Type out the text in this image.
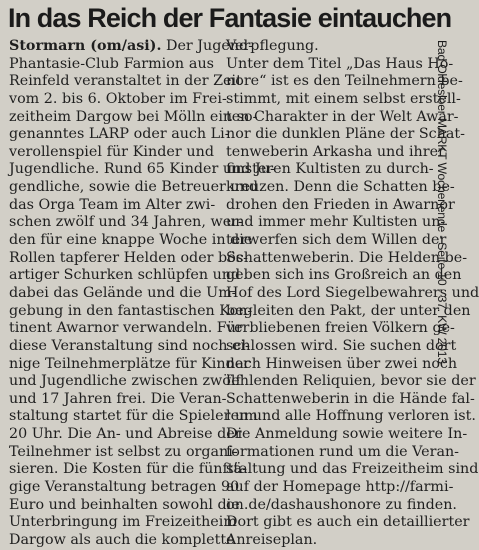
In das Reich der Fantasie eintauchen
Stormarn (om/asi). Der Jugend-
Phantasie-Club Farmion aus
Reinfeld veranstaltet in der Zeit
vom 2. bis 6. Oktober im Frei-
zeitheim Dargow bei Mölln ein so-
genanntes LARP oder auch Li-
verollenspiel für Kinder und
Jugendliche. Rund 65 Kinder und Ju-
gendliche, sowie die Betreuer und
das Orga Team im Alter zwi-
schen zwölf und 34 Jahren, wer-
den für eine knappe Woche in die
Rollen tapferer Helden oder bös-
artiger Schurken schlüpfen und
dabei das Gelände und die Um-
gebung in den fantastischen Kon-
tinent Awarnor verwandeln. Für
diese Veranstaltung sind noch ei-
nige Teilnehmerplätze für Kinder
und Jugendliche zwischen zwölf
und 17 Jahren frei. Die Veran-
staltung startet für die Spieler um
20 Uhr. Die An- und Abreise der
Teilnehmer ist selbst zu organi-
sieren. Die Kosten für die fünftä-
gige Veranstaltung betragen 90
Euro und beinhalten sowohl die
Unterbringung im Freizeitheim
Dargow als auch die komplette
Verpflegung.
Unter dem Titel „Das Haus Ho-
nore“ ist es den Teilnehmern be-
stimmt, mit einem selbst erstell-
ten Charakter in der Welt Awar-
nor die dunklen Pläne der Schat-
tenweberin Arkasha und ihrer
finsteren Kultisten zu durch-
kreuzen. Denn die Schatten be-
drohen den Frieden in Awarnor
und immer mehr Kultisten un-
terwerfen sich dem Willen der
Schattenweberin. Die Helden be-
geben sich ins Großreich an den
Hof des Lord Siegelbewahrers und
begleiten den Pakt, der unter den
verbliebenen freien Völkern ge-
schlossen wird. Sie suchen dort
nach Hinweisen über zwei noch
fehlenden Reliquien, bevor sie der
Schattenweberin in die Hände fal-
len und alle Hoffnung verloren ist.
Die Anmeldung sowie weitere In-
formationen rund um die Veran-
staltung und das Freizeitheim sind
auf der Homepage http://farmi-
on.de/dashaushonore zu finden.
Dort gibt es auch ein detaillierter
Anreiseplan.
Bad Oldesloer MARKT Wochenende - Seite 10 - 37. KW 2013
